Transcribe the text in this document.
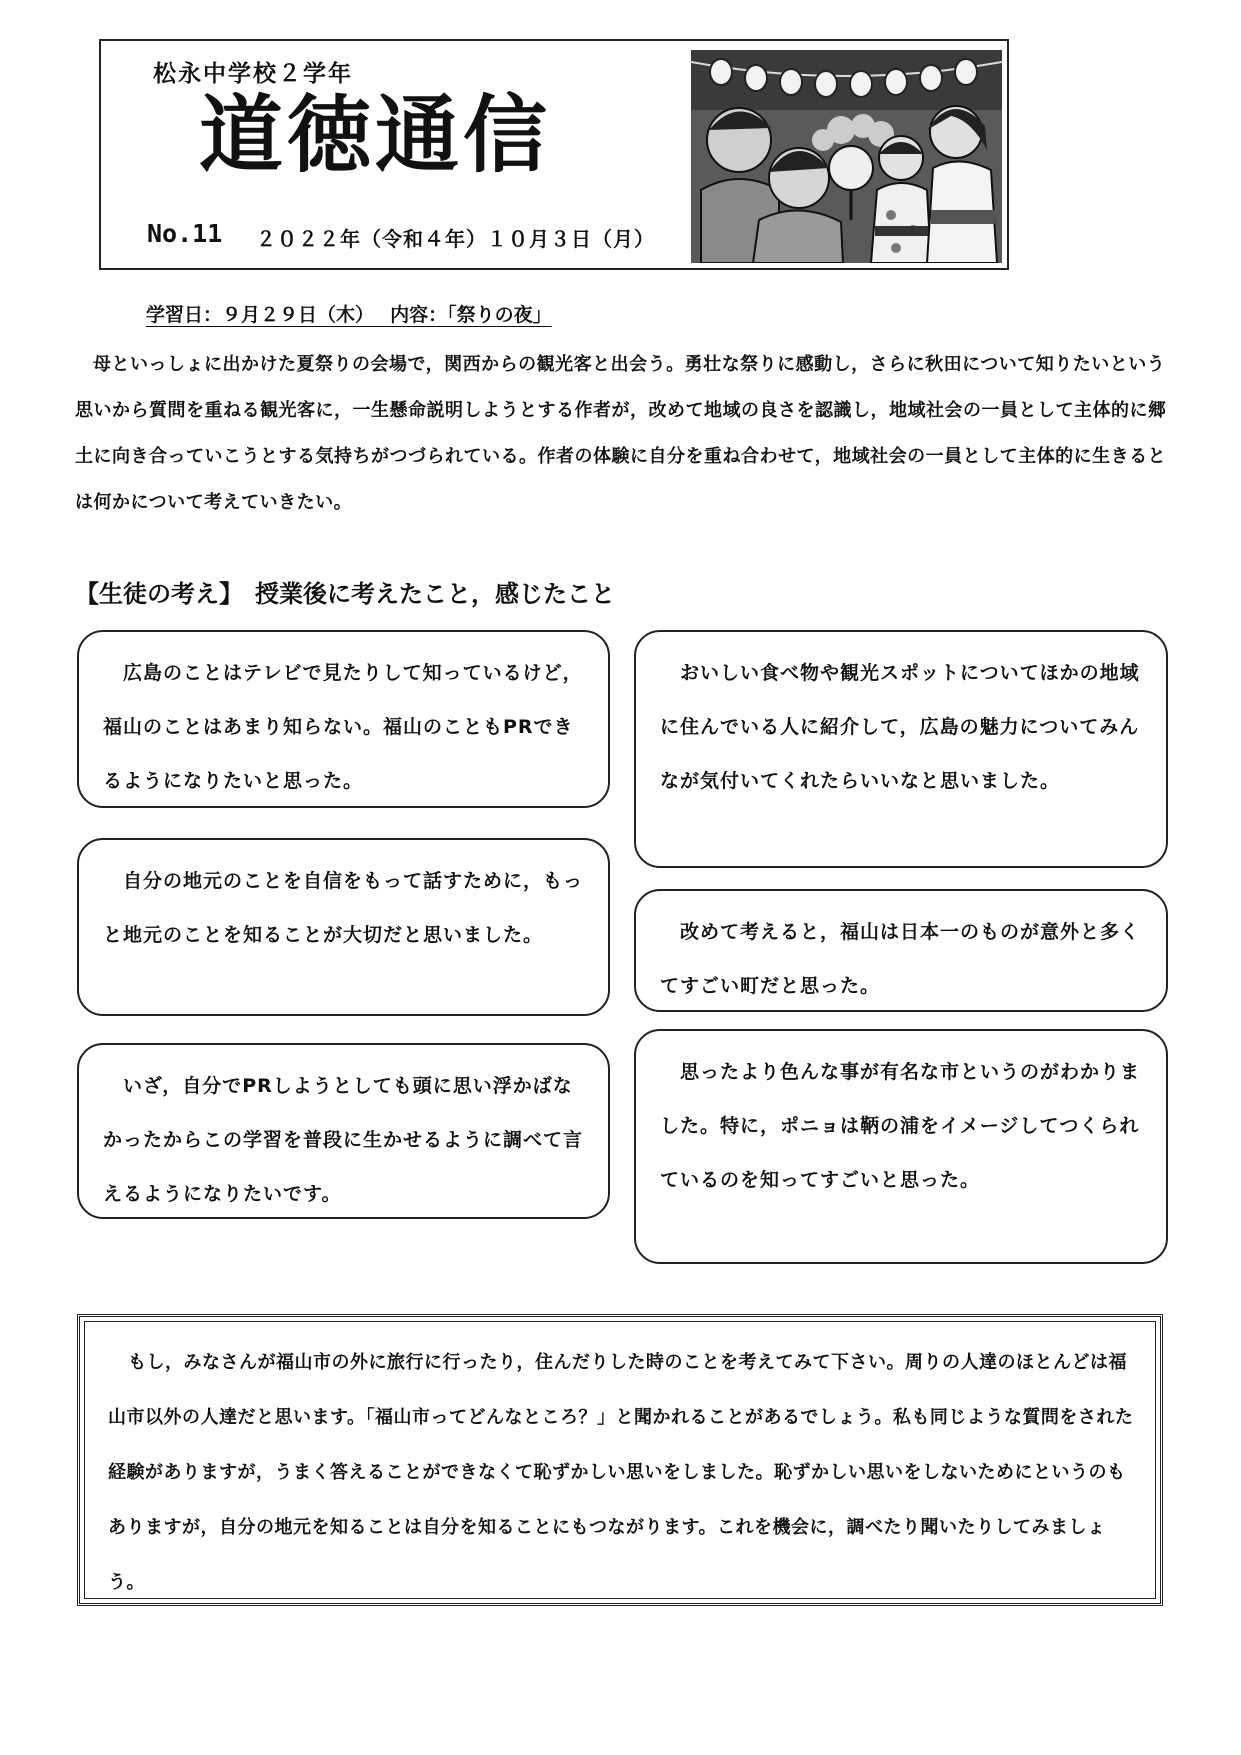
松永中学校２学年
道徳通信
No.11 ２０２２年（令和４年）１０月３日（月）
学習日：９月２９日（木）　 内容：「祭りの夜」
母といっしょに出かけた夏祭りの会場で，関西からの観光客と出会う。勇壮な祭りに感動し，さらに秋田について知りたいという思いから質問を重ねる観光客に，一生懸命説明しようとする作者が，改めて地域の良さを認識し，地域社会の一員として主体的に郷土に向き合っていこうとする気持ちがつづられている。作者の体験に自分を重ね合わせて，地域社会の一員として主体的に生きるとは何かについて考えていきたい。
【生徒の考え】　授業後に考えたこと，感じたこと
広島のことはテレビで見たりして知っているけど，福山のことはあまり知らない。福山のこともPRできるようになりたいと思った。
自分の地元のことを自信をもって話すために，もっと地元のことを知ることが大切だと思いました。
いざ，自分でPRしようとしても頭に思い浮かばなかったからこの学習を普段に生かせるように調べて言えるようになりたいです。
おいしい食べ物や観光スポットについてほかの地域に住んでいる人に紹介して，広島の魅力についてみんなが気付いてくれたらいいなと思いました。
改めて考えると，福山は日本一のものが意外と多くてすごい町だと思った。
思ったより色んな事が有名な市というのがわかりました。特に，ポニョは鞆の浦をイメージしてつくられているのを知ってすごいと思った。
もし，みなさんが福山市の外に旅行に行ったり，住んだりした時のことを考えてみて下さい。周りの人達のほとんどは福山市以外の人達だと思います。「福山市ってどんなところ？」と聞かれることがあるでしょう。私も同じような質問をされた経験がありますが，うまく答えることができなくて恥ずかしい思いをしました。恥ずかしい思いをしないためにというのもありますが，自分の地元を知ることは自分を知ることにもつながります。これを機会に，調べたり聞いたりしてみましょう。
